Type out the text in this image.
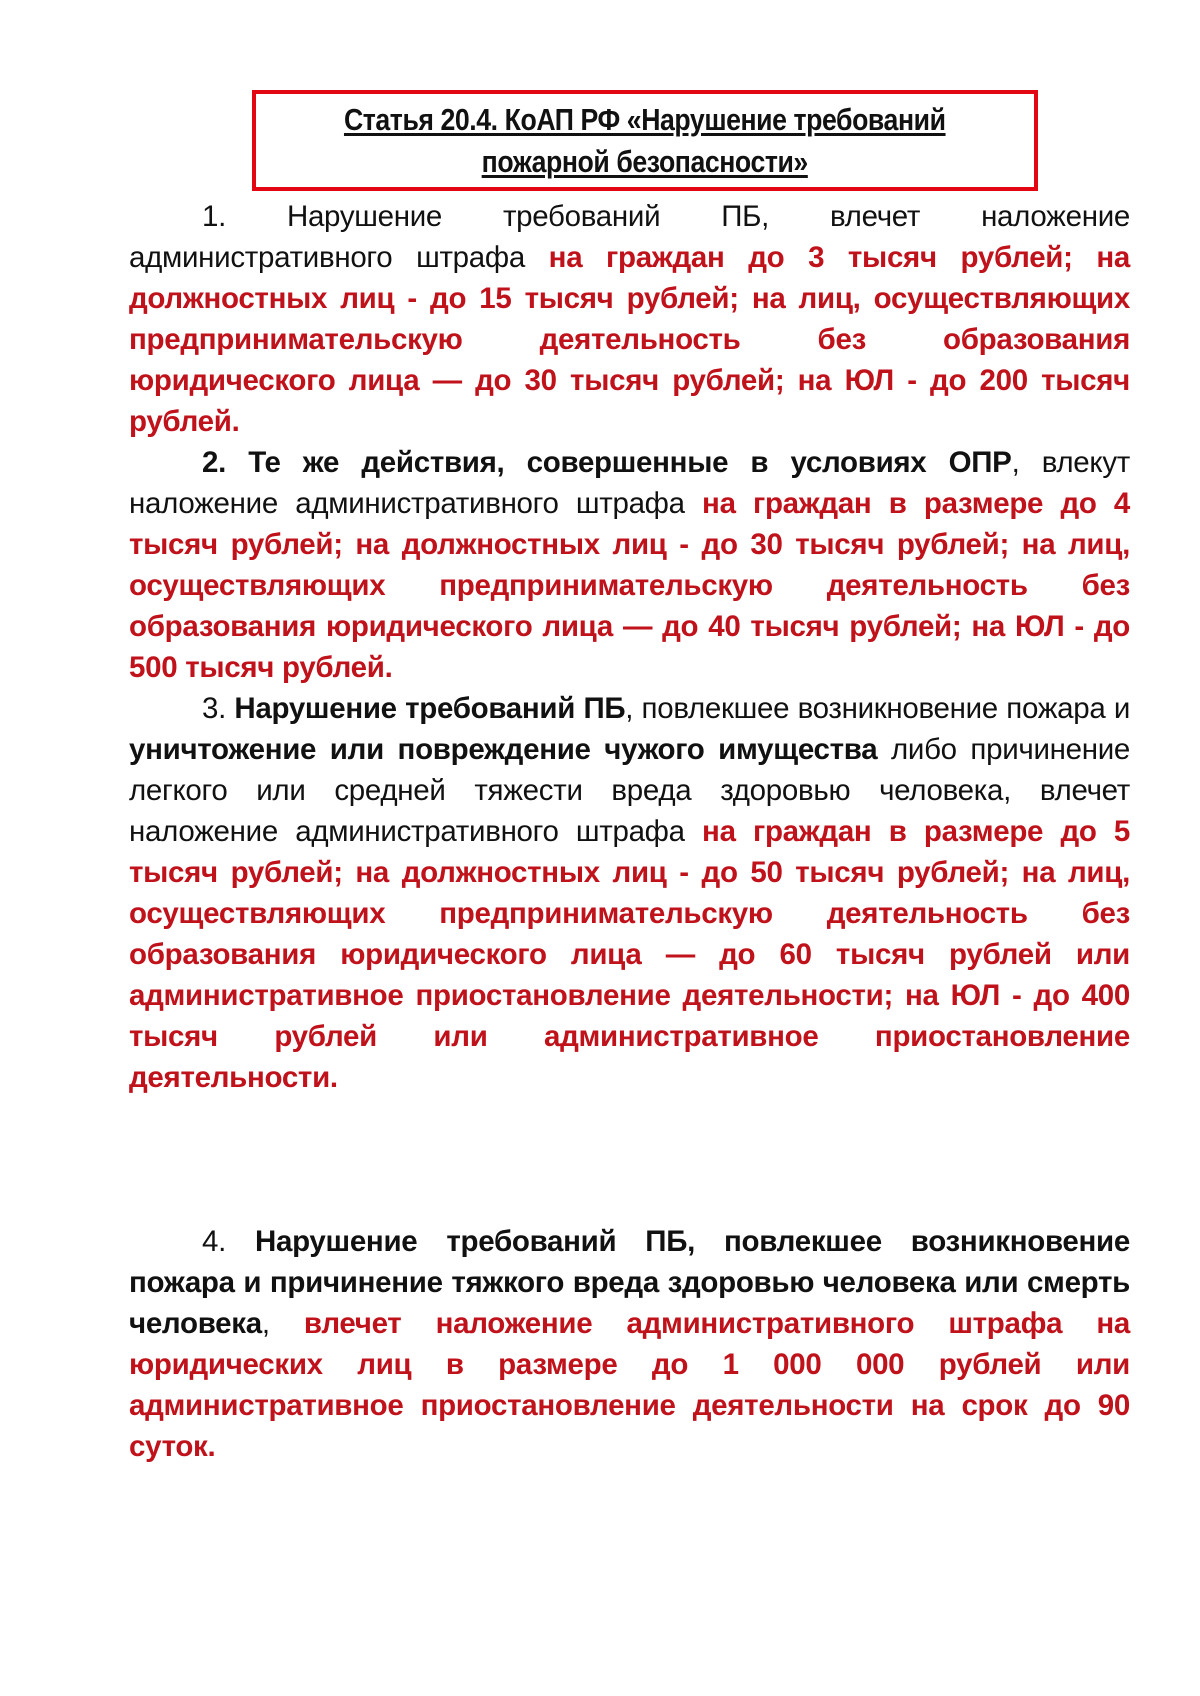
Статья 20.4. КоАП РФ «Нарушение требований
пожарной безопасности»

1. Нарушение требований ПБ, влечет наложение административного штрафа на граждан до 3 тысяч рублей; на должностных лиц - до 15 тысяч рублей; на лиц, осуществляющих предпринимательскую деятельность без образования юридического лица — до 30 тысяч рублей; на ЮЛ - до 200 тысяч рублей.

2. Те же действия, совершенные в условиях ОПР, влекут наложение административного штрафа на граждан в размере до 4 тысяч рублей; на должностных лиц - до 30 тысяч рублей; на лиц, осуществляющих предпринимательскую деятельность без образования юридического лица — до 40 тысяч рублей; на ЮЛ - до 500 тысяч рублей.

3. Нарушение требований ПБ, повлекшее возникновение пожара и уничтожение или повреждение чужого имущества либо причинение легкого или средней тяжести вреда здоровью человека, влечет наложение административного штрафа на граждан в размере до 5 тысяч рублей; на должностных лиц - до 50 тысяч рублей; на лиц, осуществляющих предпринимательскую деятельность без образования юридического лица — до 60 тысяч рублей или административное приостановление деятельности; на ЮЛ - до 400 тысяч рублей или административное приостановление деятельности.

4. Нарушение требований ПБ, повлекшее возникновение пожара и причинение тяжкого вреда здоровью человека или смерть человека, влечет наложение административного штрафа на юридических лиц в размере до 1 000 000 рублей или административное приостановление деятельности на срок до 90 суток.
